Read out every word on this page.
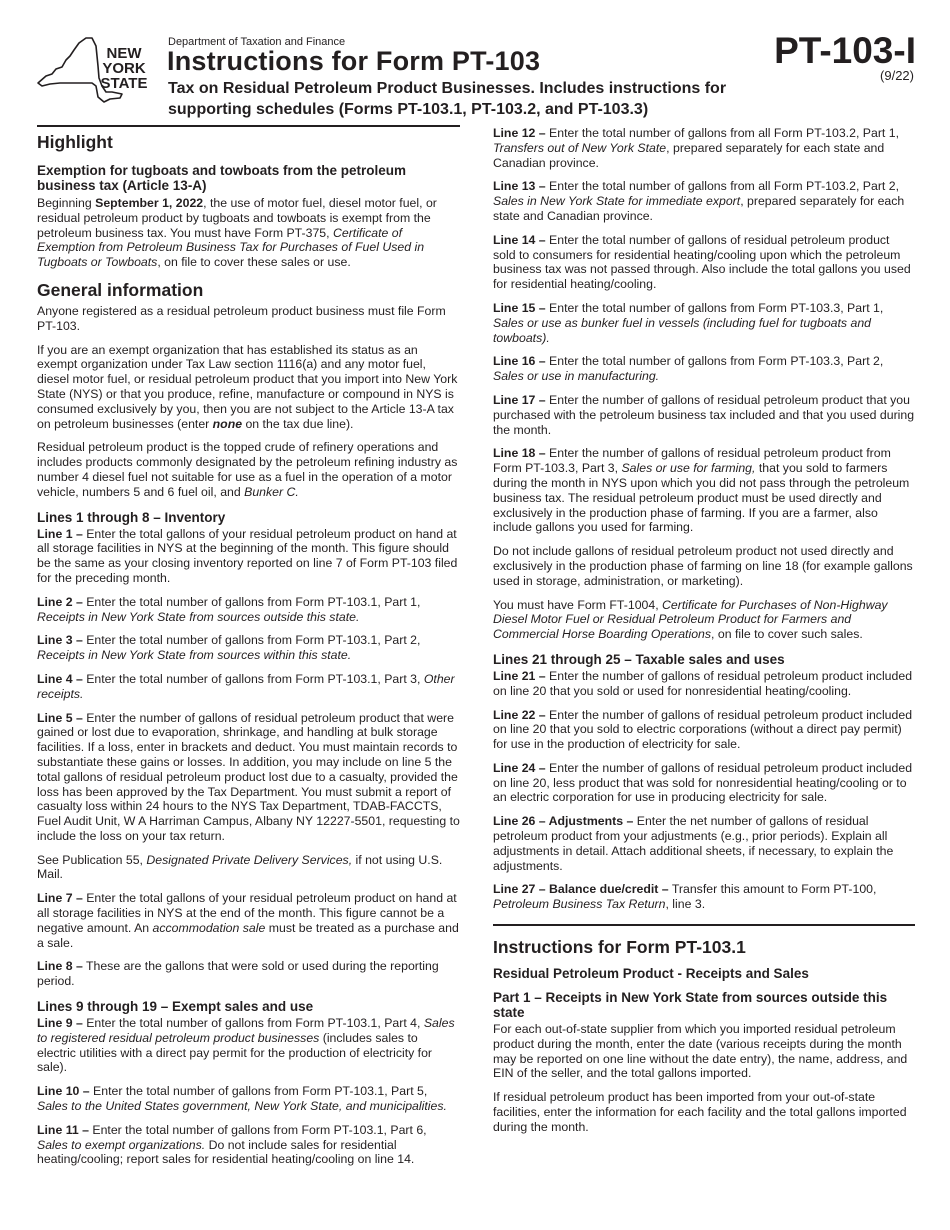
NEW
YORK
STATE
Department of Taxation and Finance
Instructions for Form PT-103
Tax on Residual Petroleum Product Businesses. Includes instructions for supporting schedules (Forms PT-103.1, PT-103.2, and PT-103.3)
PT-103-I
(9/22)
Highlight
Exemption for tugboats and towboats from the petroleum business tax (Article 13-A)

Beginning September 1, 2022, the use of motor fuel, diesel motor fuel, or residual petroleum product by tugboats and towboats is exempt from the petroleum business tax. You must have Form PT-375, Certificate of Exemption from Petroleum Business Tax for Purchases of Fuel Used in Tugboats or Towboats, on file to cover these sales or use.

General information

Anyone registered as a residual petroleum product business must file Form PT-103.

If you are an exempt organization that has established its status as an exempt organization under Tax Law section 1116(a) and any motor fuel, diesel motor fuel, or residual petroleum product that you import into New York State (NYS) or that you produce, refine, manufacture or compound in NYS is consumed exclusively by you, then you are not subject to the Article 13-A tax on petroleum businesses (enter none on the tax due line).

Residual petroleum product is the topped crude of refinery operations and includes products commonly designated by the petroleum refining industry as number 4 diesel fuel not suitable for use as a fuel in the operation of a motor vehicle, numbers 5 and 6 fuel oil, and Bunker C.

Lines 1 through 8 – Inventory

Line 1 – Enter the total gallons of your residual petroleum product on hand at all storage facilities in NYS at the beginning of the month. This figure should be the same as your closing inventory reported on line 7 of Form PT-103 filed for the preceding month.

Line 2 – Enter the total number of gallons from Form PT-103.1, Part 1, Receipts in New York State from sources outside this state.

Line 3 – Enter the total number of gallons from Form PT-103.1, Part 2, Receipts in New York State from sources within this state.

Line 4 – Enter the total number of gallons from Form PT-103.1, Part 3, Other receipts.

Line 5 – Enter the number of gallons of residual petroleum product that were gained or lost due to evaporation, shrinkage, and handling at bulk storage facilities. If a loss, enter in brackets and deduct. You must maintain records to substantiate these gains or losses. In addition, you may include on line 5 the total gallons of residual petroleum product lost due to a casualty, provided the loss has been approved by the Tax Department. You must submit a report of casualty loss within 24 hours to the NYS Tax Department, TDAB-FACCTS, Fuel Audit Unit, W A Harriman Campus, Albany NY 12227-5501, requesting to include the loss on your tax return.

See Publication 55, Designated Private Delivery Services, if not using U.S. Mail.

Line 7 – Enter the total gallons of your residual petroleum product on hand at all storage facilities in NYS at the end of the month. This figure cannot be a negative amount. An accommodation sale must be treated as a purchase and a sale.

Line 8 – These are the gallons that were sold or used during the reporting period.

Lines 9 through 19 – Exempt sales and use

Line 9 – Enter the total number of gallons from Form PT-103.1, Part 4, Sales to registered residual petroleum product businesses (includes sales to electric utilities with a direct pay permit for the production of electricity for sale).

Line 10 – Enter the total number of gallons from Form PT-103.1, Part 5, Sales to the United States government, New York State, and municipalities.

Line 11 – Enter the total number of gallons from Form PT-103.1, Part 6, Sales to exempt organizations. Do not include sales for residential heating/cooling; report sales for residential heating/cooling on line 14.

Line 12 – Enter the total number of gallons from all Form PT-103.2, Part 1, Transfers out of New York State, prepared separately for each state and Canadian province.

Line 13 – Enter the total number of gallons from all Form PT-103.2, Part 2, Sales in New York State for immediate export, prepared separately for each state and Canadian province.

Line 14 – Enter the total number of gallons of residual petroleum product sold to consumers for residential heating/cooling upon which the petroleum business tax was not passed through. Also include the total gallons you used for residential heating/cooling.

Line 15 – Enter the total number of gallons from Form PT-103.3, Part 1, Sales or use as bunker fuel in vessels (including fuel for tugboats and towboats).

Line 16 – Enter the total number of gallons from Form PT-103.3, Part 2, Sales or use in manufacturing.

Line 17 – Enter the number of gallons of residual petroleum product that you purchased with the petroleum business tax included and that you used during the month.

Line 18 – Enter the number of gallons of residual petroleum product from Form PT-103.3, Part 3, Sales or use for farming, that you sold to farmers during the month in NYS upon which you did not pass through the petroleum business tax. The residual petroleum product must be used directly and exclusively in the production phase of farming. If you are a farmer, also include gallons you used for farming.

Do not include gallons of residual petroleum product not used directly and exclusively in the production phase of farming on line 18 (for example gallons used in storage, administration, or marketing).

You must have Form FT-1004, Certificate for Purchases of Non-Highway Diesel Motor Fuel or Residual Petroleum Product for Farmers and Commercial Horse Boarding Operations, on file to cover such sales.

Lines 21 through 25 – Taxable sales and uses

Line 21 – Enter the number of gallons of residual petroleum product included on line 20 that you sold or used for nonresidential heating/cooling.

Line 22 – Enter the number of gallons of residual petroleum product included on line 20 that you sold to electric corporations (without a direct pay permit) for use in the production of electricity for sale.

Line 24 – Enter the number of gallons of residual petroleum product included on line 20, less product that was sold for nonresidential heating/cooling or to an electric corporation for use in producing electricity for sale.

Line 26 – Adjustments – Enter the net number of gallons of residual petroleum product from your adjustments (e.g., prior periods). Explain all adjustments in detail. Attach additional sheets, if necessary, to explain the adjustments.

Line 27 – Balance due/credit – Transfer this amount to Form PT-100, Petroleum Business Tax Return, line 3.

Instructions for Form PT-103.1
Residual Petroleum Product - Receipts and Sales
Part 1 – Receipts in New York State from sources outside this state

For each out-of-state supplier from which you imported residual petroleum product during the month, enter the date (various receipts during the month may be reported on one line without the date entry), the name, address, and EIN of the seller, and the total gallons imported.

If residual petroleum product has been imported from your out-of-state facilities, enter the information for each facility and the total gallons imported during the month.
